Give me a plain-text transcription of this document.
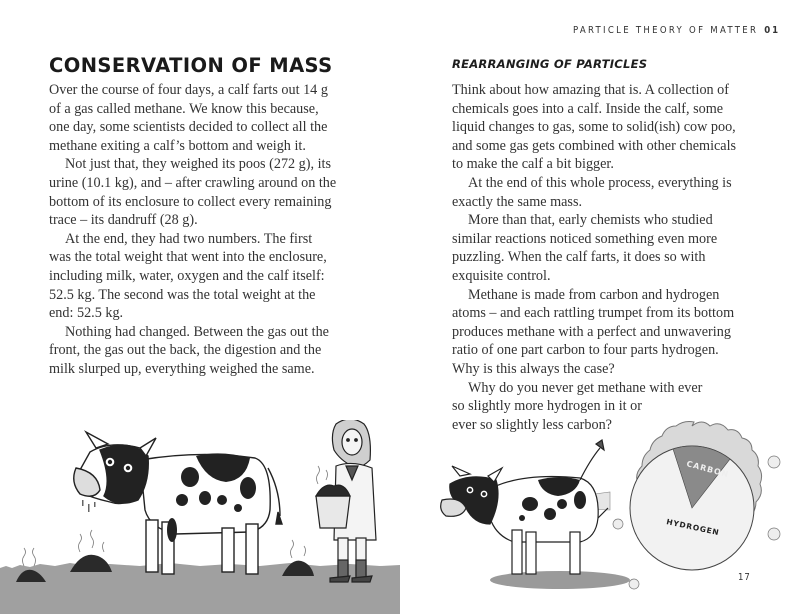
CONSERVATION OF MASS

Over the course of four days, a calf farts out 14 g
of a gas called methane. We know this because,
one day, some scientists decided to collect all the
methane exiting a calf’s bottom and weigh it.

Not just that, they weighed its poos (272 g), its
urine (10.1 kg), and – after crawling around on the
bottom of its enclosure to collect every remaining
trace – its dandruff (28 g).

At the end, they had two numbers. The first
was the total weight that went into the enclosure,
including milk, water, oxygen and the calf itself:
52.5 kg. The second was the total weight at the
end: 52.5 kg.

Nothing had changed. Between the gas out the
front, the gas out the back, the digestion and the
milk slurped up, everything weighed the same.

PARTICLE THEORY OF MATTER 01
REARRANGING OF PARTICLES

Think about how amazing that is. A collection of
chemicals goes into a calf. Inside the calf, some
liquid changes to gas, some to solid(ish) cow poo,
and some gas gets combined with other chemicals
to make the calf a bit bigger.

At the end of this whole process, everything is
exactly the same mass.

More than that, early chemists who studied
similar reactions noticed something even more
puzzling. When the calf farts, it does so with
exquisite control.

Methane is made from carbon and hydrogen
atoms – and each rattling trumpet from its bottom
produces methane with a perfect and unwavering
ratio of one part carbon to four parts hydrogen.
Why is this always the case?

Why do you never get methane with ever
so slightly more hydrogen in it or
ever so slightly less carbon?

CARBON
HYDROGEN
17
